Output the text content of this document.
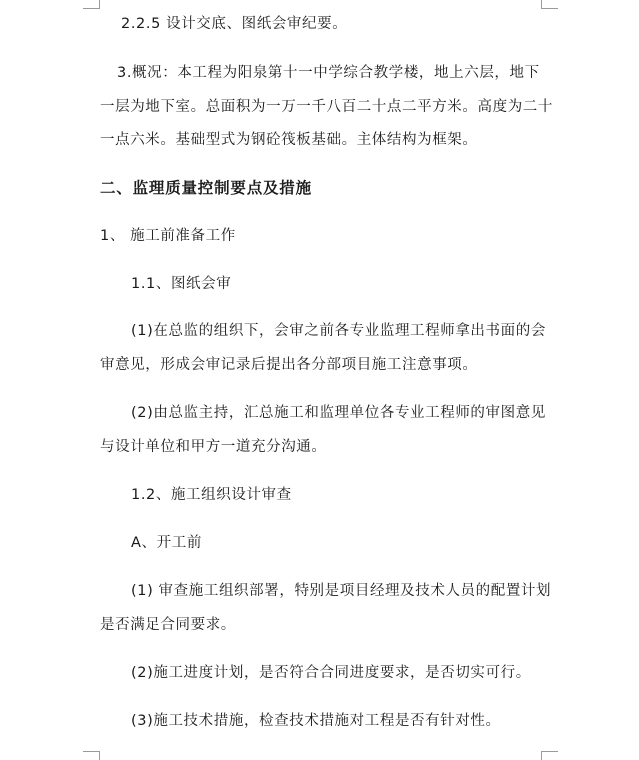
2.2.5 设计交底、图纸会审纪要。
3.概况：本工程为阳泉第十一中学综合教学楼，地上六层，地下
一层为地下室。总面积为一万一千八百二十点二平方米。高度为二十
一点六米。基础型式为钢砼筏板基础。主体结构为框架。
二、监理质量控制要点及措施
1、 施工前准备工作
1.1、图纸会审
(1)在总监的组织下，会审之前各专业监理工程师拿出书面的会
审意见，形成会审记录后提出各分部项目施工注意事项。
(2)由总监主持，汇总施工和监理单位各专业工程师的审图意见
与设计单位和甲方一道充分沟通。
1.2、施工组织设计审查
A、开工前
(1) 审查施工组织部署，特别是项目经理及技术人员的配置计划
是否满足合同要求。
(2)施工进度计划，是否符合合同进度要求，是否切实可行。
(3)施工技术措施，检查技术措施对工程是否有针对性。
